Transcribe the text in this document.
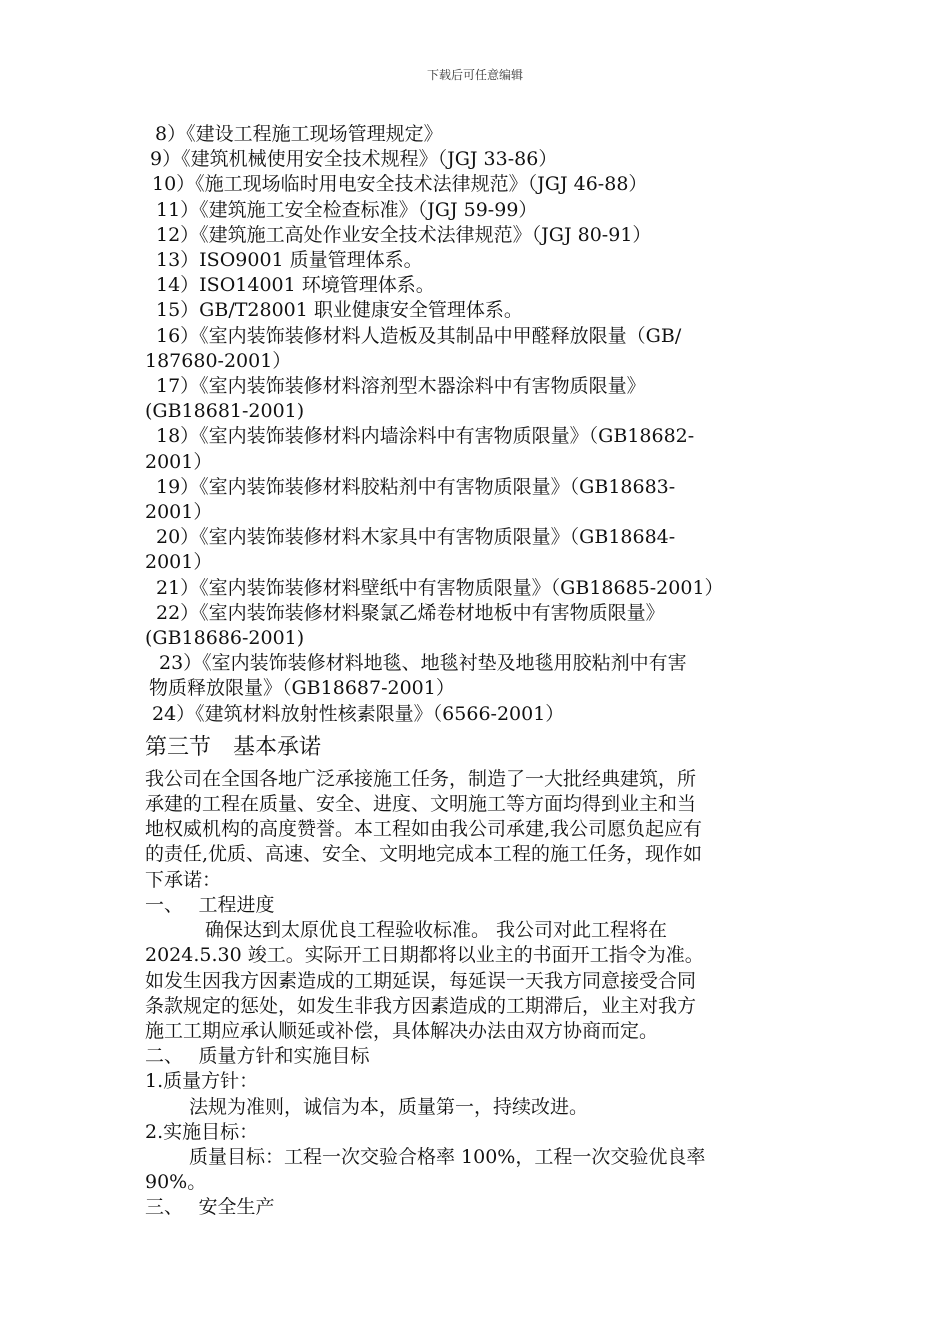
下载后可任意编辑
8）《建设工程施工现场管理规定》
9）《建筑机械使用安全技术规程》（JGJ 33-86）
10）《施工现场临时用电安全技术法律规范》（JGJ 46-88）
11）《建筑施工安全检查标准》（JGJ 59-99）
12）《建筑施工高处作业安全技术法律规范》（JGJ 80-91）
13）ISO9001 质量管理体系。
14）ISO14001 环境管理体系。
15）GB/T28001 职业健康安全管理体系。
16）《室内装饰装修材料人造板及其制品中甲醛释放限量（GB/
187680-2001）
17）《室内装饰装修材料溶剂型木器涂料中有害物质限量》
(GB18681-2001)
18）《室内装饰装修材料内墙涂料中有害物质限量》（GB18682-
2001）
19）《室内装饰装修材料胶粘剂中有害物质限量》（GB18683-
2001）
20）《室内装饰装修材料木家具中有害物质限量》（GB18684-
2001）
21）《室内装饰装修材料壁纸中有害物质限量》（GB18685-2001）
22）《室内装饰装修材料聚氯乙烯卷材地板中有害物质限量》
(GB18686-2001)
23）《室内装饰装修材料地毯、地毯衬垫及地毯用胶粘剂中有害
物质释放限量》（GB18687-2001）
24）《建筑材料放射性核素限量》（6566-2001）
第三节　基本承诺
我公司在全国各地广泛承接施工任务，制造了一大批经典建筑，所
承建的工程在质量、安全、进度、文明施工等方面均得到业主和当
地权威机构的高度赞誉。本工程如由我公司承建,我公司愿负起应有
的责任,优质、高速、安全、文明地完成本工程的施工任务，现作如
下承诺：
一、　 工程进度
确保达到太原优良工程验收标准。 我公司对此工程将在
2024.5.30 竣工。实际开工日期都将以业主的书面开工指令为准。
如发生因我方因素造成的工期延误，每延误一天我方同意接受合同
条款规定的惩处，如发生非我方因素造成的工期滞后，业主对我方
施工工期应承认顺延或补偿，具体解决办法由双方协商而定。
二、　 质量方针和实施目标
1.质量方针：
法规为准则，诚信为本，质量第一，持续改进。
2.实施目标：
质量目标：工程一次交验合格率 100%，工程一次交验优良率
90%。
三、　 安全生产
